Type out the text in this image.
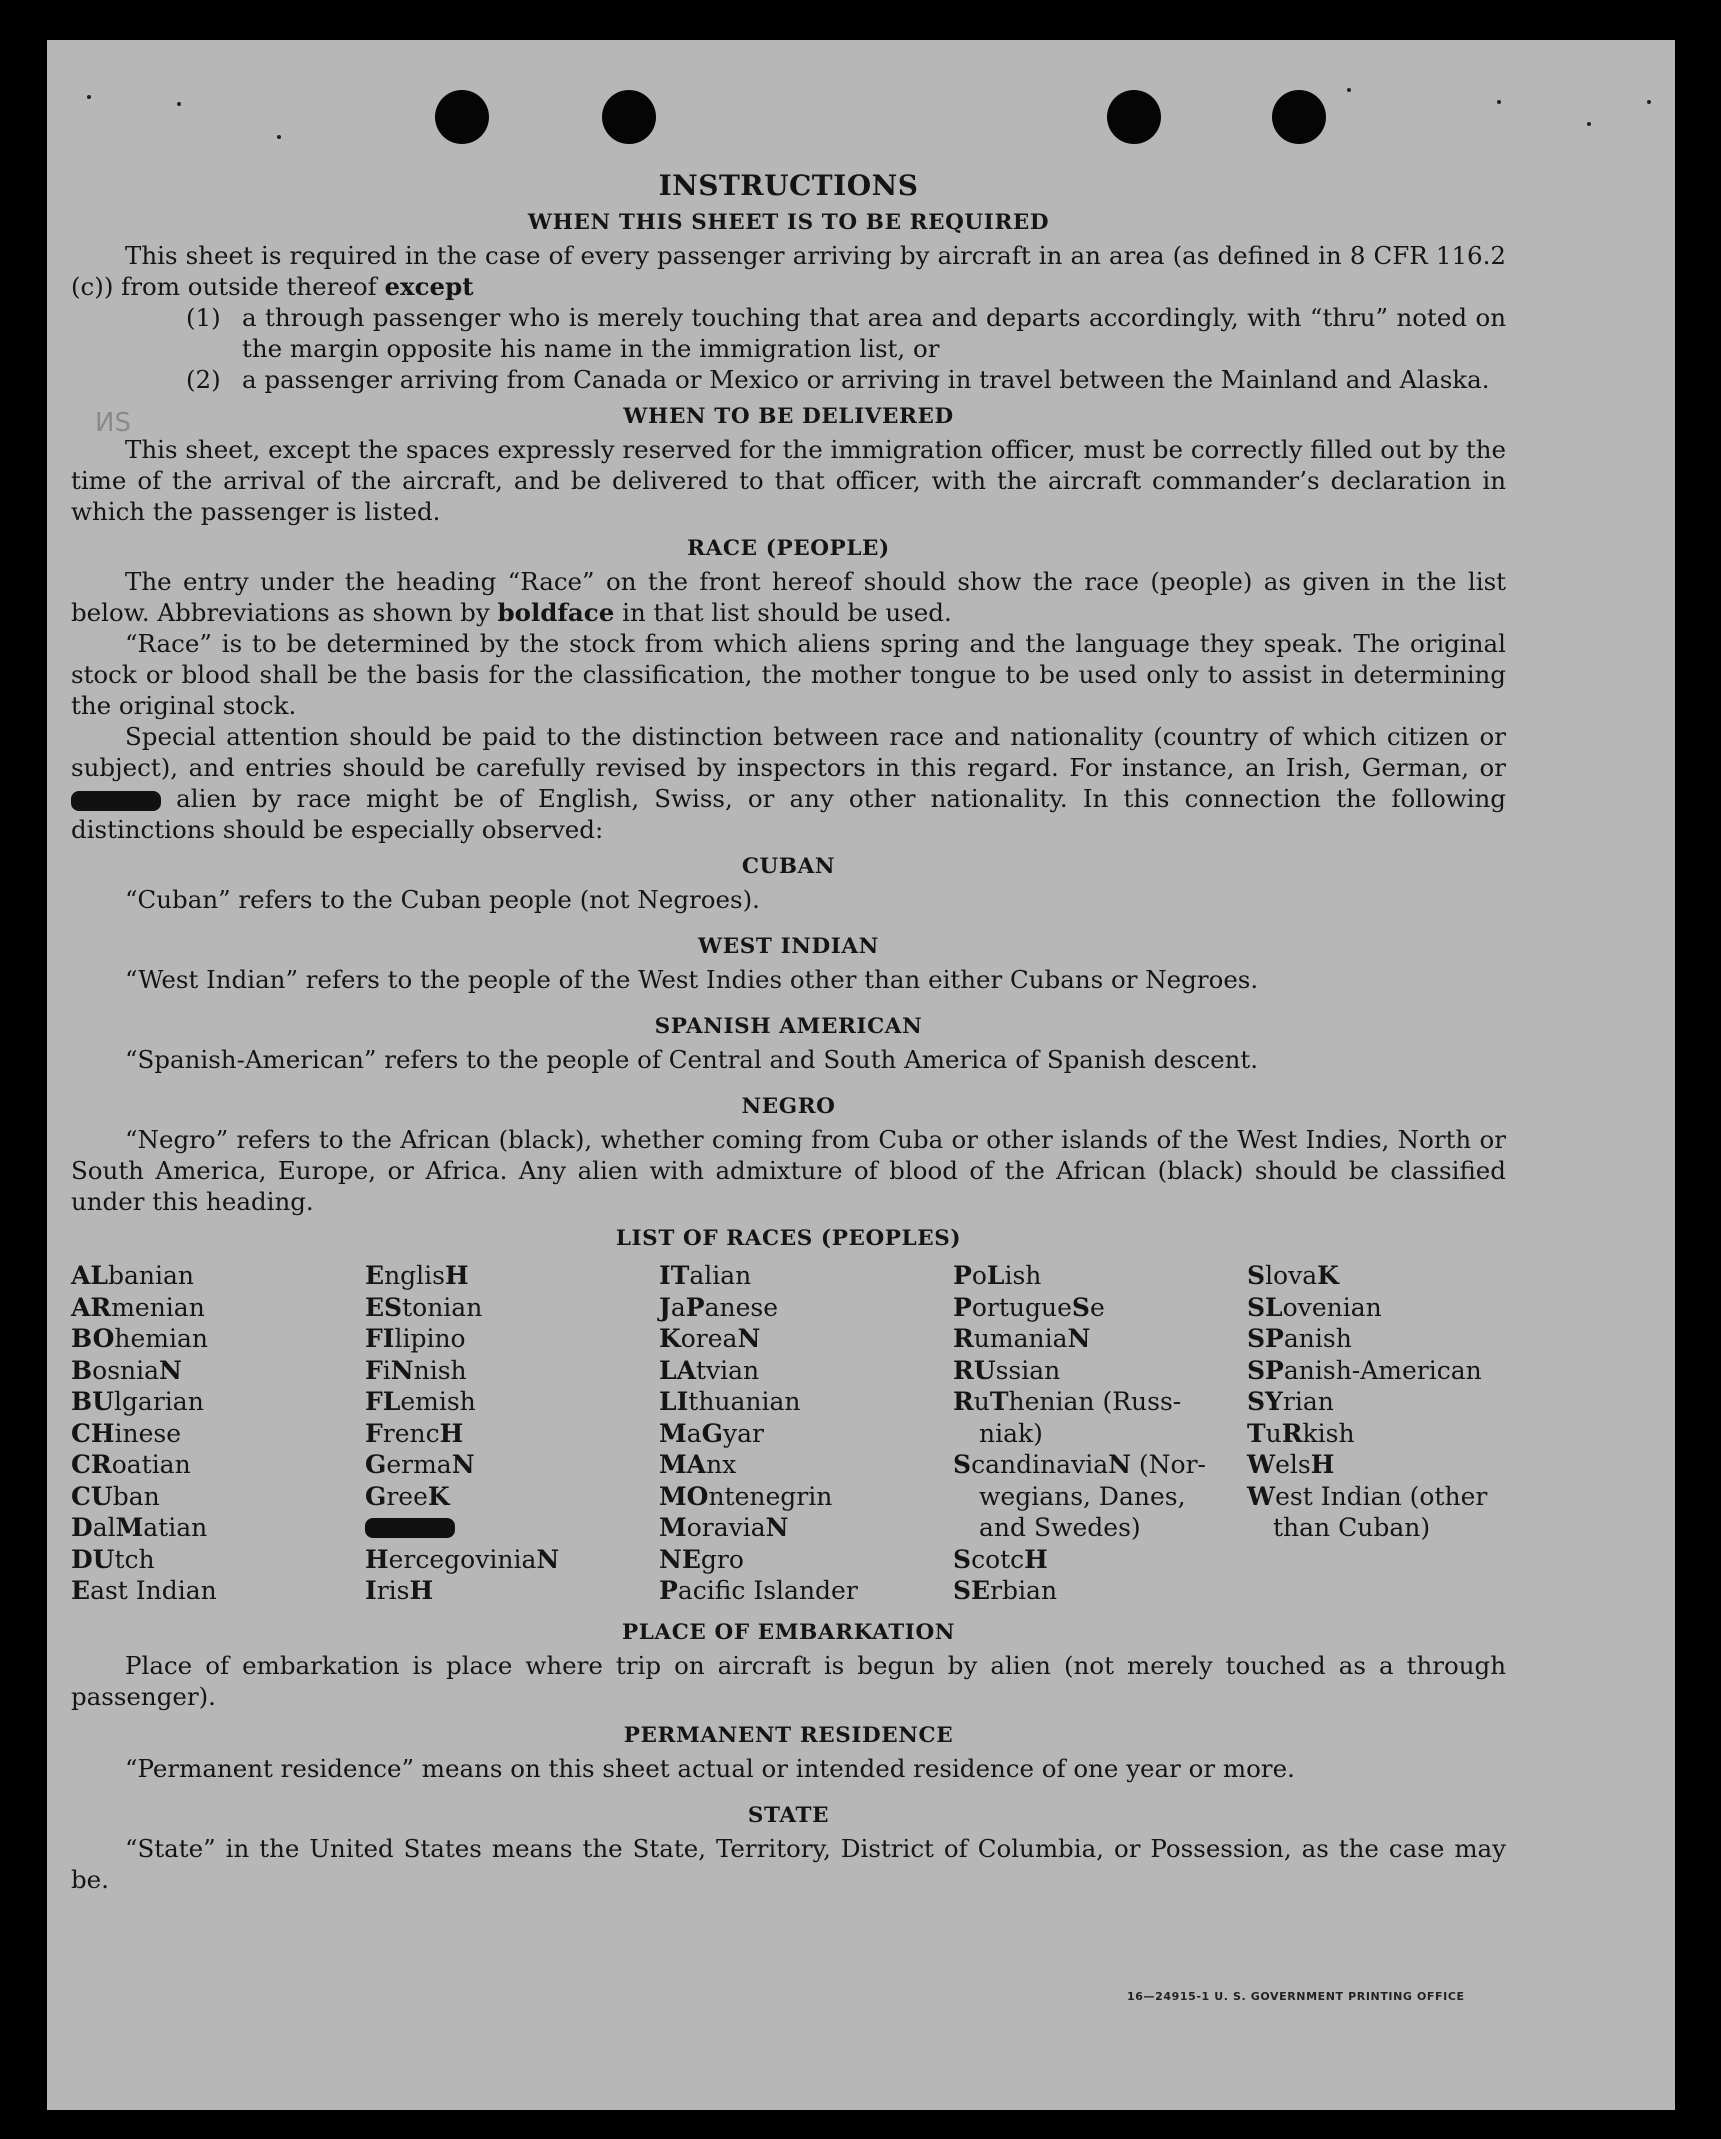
ИЅ
INSTRUCTIONS
WHEN THIS SHEET IS TO BE REQUIRED

This sheet is required in the case of every passenger arriving by aircraft in an area (as defined in 8 CFR 116.2 (c)) from outside thereof except

(1) a through passenger who is merely touching that area and departs accordingly, with “thru” noted on the margin opposite his name in the immigration list, or
(2) a passenger arriving from Canada or Mexico or arriving in travel between the Mainland and Alaska.
WHEN TO BE DELIVERED

This sheet, except the spaces expressly reserved for the immigration officer, must be correctly filled out by the time of the arrival of the aircraft, and be delivered to that officer, with the aircraft commander’s declaration in which the passenger is listed.

RACE (PEOPLE)

The entry under the heading “Race” on the front hereof should show the race (people) as given in the list below. Abbreviations as shown by boldface in that list should be used.

“Race” is to be determined by the stock from which aliens spring and the language they speak. The original stock or blood shall be the basis for the classification, the mother tongue to be used only to assist in determining the original stock.

Special attention should be paid to the distinction between race and nationality (country of which citizen or subject), and entries should be carefully revised by inspectors in this regard. For instance, an Irish, German, or  alien by race might be of English, Swiss, or any other nationality. In this connection the following distinctions should be especially observed:

CUBAN

“Cuban” refers to the Cuban people (not Negroes).

WEST INDIAN

“West Indian” refers to the people of the West Indies other than either Cubans or Negroes.

SPANISH AMERICAN

“Spanish-American” refers to the people of Central and South America of Spanish descent.

NEGRO

“Negro” refers to the African (black), whether coming from Cuba or other islands of the West Indies, North or South America, Europe, or Africa. Any alien with admixture of blood of the African (black) should be classified under this heading.

LIST OF RACES (PEOPLES)
ALbanian
ARmenian
BOhemian
BosniaN
BUlgarian
CHinese
CRoatian
CUban
DalMatian
DUtch
East Indian
EnglisH
EStonian
FIlipino
FiNnish
FLemish
FrencH
GermaN
GreeK
HercegoviniaN
IrisH
ITalian
JaPanese
KoreaN
LAtvian
LIthuanian
MaGyar
MAnx
MOntenegrin
MoraviaN
NEgro
Pacific Islander
PoLish
PortugueSe
RumaniaN
RUssian
RuThenian (Russ-
niak)
ScandinaviaN (Nor-
wegians, Danes,
and Swedes)
ScotcH
SErbian
SlovaK
SLovenian
SPanish
SPanish-American
SYrian
TuRkish
WelsH
West Indian (other
than Cuban)
PLACE OF EMBARKATION

Place of embarkation is place where trip on aircraft is begun by alien (not merely touched as a through passenger).

PERMANENT RESIDENCE

“Permanent residence” means on this sheet actual or intended residence of one year or more.

STATE

“State” in the United States means the State, Territory, District of Columbia, or Possession, as the case may be.

16—24915-1 U. S. GOVERNMENT PRINTING OFFICE
